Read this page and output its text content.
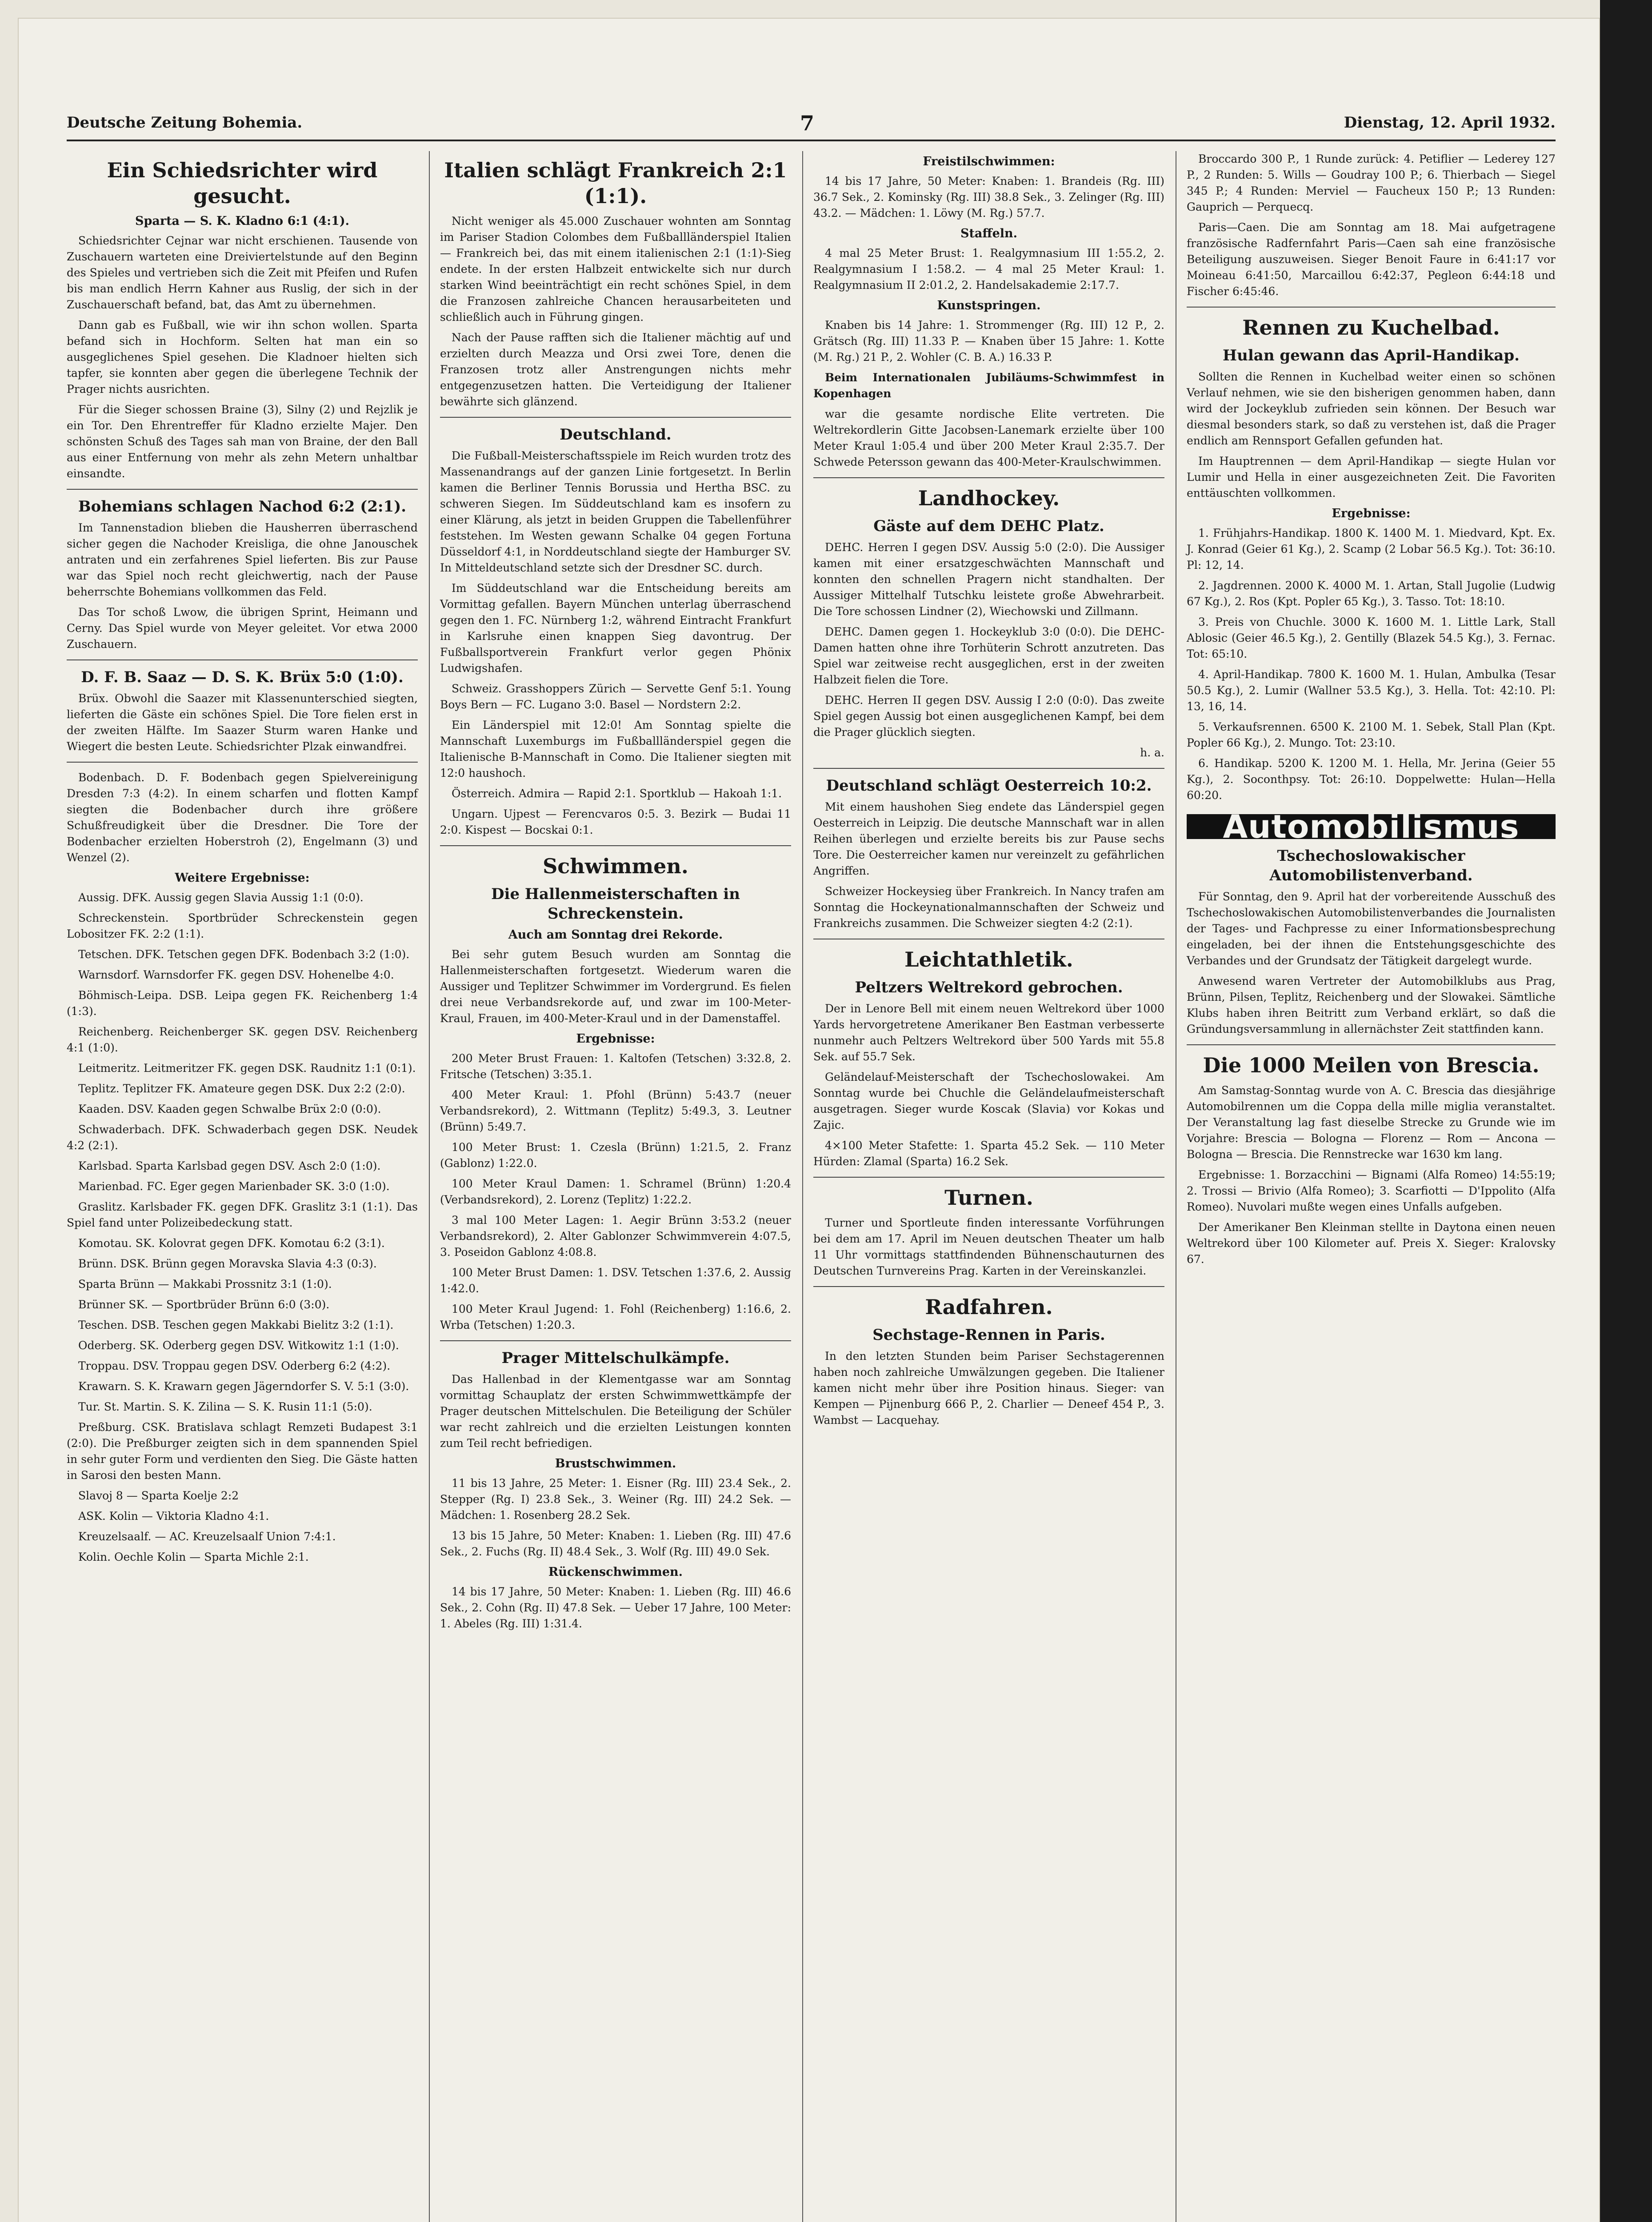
Deutsche Zeitung Bohemia.	7	Dienstag, 12. April 1932.
Ein Schiedsrichter wird gesucht.
Sparta — S. K. Kladno 6:1 (4:1).

Schiedsrichter Cejnar war nicht erschienen. Tausende von Zuschauern warteten eine Dreiviertelstunde auf den Beginn des Spieles und vertrieben sich die Zeit mit Pfeifen und Rufen bis man endlich Herrn Kahner aus Ruslig, der sich in der Zuschauerschaft befand, bat, das Amt zu übernehmen.

Dann gab es Fußball, wie wir ihn schon wollen. Sparta befand sich in Hochform. Selten hat man ein so ausgeglichenes Spiel gesehen. Die Kladnoer hielten sich tapfer, sie konnten aber gegen die überlegene Technik der Prager nichts ausrichten.

Für die Sieger schossen Braine (3), Silny (2) und Rejzlik je ein Tor. Den Ehrentreffer für Kladno erzielte Majer. Den schönsten Schuß des Tages sah man von Braine, der den Ball aus einer Entfernung von mehr als zehn Metern unhaltbar einsandte.

Bohemians schlagen Nachod 6:2 (2:1).

Im Tannenstadion blieben die Hausherren überraschend sicher gegen die Nachoder Kreisliga, die ohne Janouschek antraten und ein zerfahrenes Spiel lieferten. Bis zur Pause war das Spiel noch recht gleichwertig, nach der Pause beherrschte Bohemians vollkommen das Feld.

Das Tor schoß Lwow, die übrigen Sprint, Heimann und Cerny. Das Spiel wurde von Meyer geleitet. Vor etwa 2000 Zuschauern.

D. F. B. Saaz — D. S. K. Brüx 5:0 (1:0).

Brüx. Obwohl die Saazer mit Klassenunterschied siegten, lieferten die Gäste ein schönes Spiel. Die Tore fielen erst in der zweiten Hälfte. Im Saazer Sturm waren Hanke und Wiegert die besten Leute. Schiedsrichter Plzak einwandfrei.

Bodenbach. D. F. Bodenbach gegen Spielvereinigung Dresden 7:3 (4:2). In einem scharfen und flotten Kampf siegten die Bodenbacher durch ihre größere Schußfreudigkeit über die Dresdner. Die Tore der Bodenbacher erzielten Hoberstroh (2), Engelmann (3) und Wenzel (2).

Weitere Ergebnisse:

Aussig. DFK. Aussig gegen Slavia Aussig 1:1 (0:0).

Schreckenstein. Sportbrüder Schreckenstein gegen Lobositzer FK. 2:2 (1:1).

Tetschen. DFK. Tetschen gegen DFK. Bodenbach 3:2 (1:0).

Warnsdorf. Warnsdorfer FK. gegen DSV. Hohenelbe 4:0.

Böhmisch-Leipa. DSB. Leipa gegen FK. Reichenberg 1:4 (1:3).

Reichenberg. Reichenberger SK. gegen DSV. Reichenberg 4:1 (1:0).

Leitmeritz. Leitmeritzer FK. gegen DSK. Raudnitz 1:1 (0:1).

Teplitz. Teplitzer FK. Amateure gegen DSK. Dux 2:2 (2:0).

Kaaden. DSV. Kaaden gegen Schwalbe Brüx 2:0 (0:0).

Schwaderbach. DFK. Schwaderbach gegen DSK. Neudek 4:2 (2:1).

Karlsbad. Sparta Karlsbad gegen DSV. Asch 2:0 (1:0).

Marienbad. FC. Eger gegen Marienbader SK. 3:0 (1:0).

Graslitz. Karlsbader FK. gegen DFK. Graslitz 3:1 (1:1). Das Spiel fand unter Polizeibedeckung statt.

Komotau. SK. Kolovrat gegen DFK. Komotau 6:2 (3:1).

Brünn. DSK. Brünn gegen Moravska Slavia 4:3 (0:3).

Sparta Brünn — Makkabi Prossnitz 3:1 (1:0).

Brünner SK. — Sportbrüder Brünn 6:0 (3:0).

Teschen. DSB. Teschen gegen Makkabi Bielitz 3:2 (1:1).

Oderberg. SK. Oderberg gegen DSV. Witkowitz 1:1 (1:0).

Troppau. DSV. Troppau gegen DSV. Oderberg 6:2 (4:2).

Krawarn. S. K. Krawarn gegen Jägerndorfer S. V. 5:1 (3:0).

Tur. St. Martin. S. K. Zilina — S. K. Rusin 11:1 (5:0).

Preßburg. CSK. Bratislava schlagt Remzeti Budapest 3:1 (2:0). Die Preßburger zeigten sich in dem spannenden Spiel in sehr guter Form und verdienten den Sieg. Die Gäste hatten in Sarosi den besten Mann.

Slavoj 8 — Sparta Koelje 2:2

ASK. Kolin — Viktoria Kladno 4:1.

Kreuzelsaalf. — AC. Kreuzelsaalf Union 7:4:1.

Kolin. Oechle Kolin — Sparta Michle 2:1.

Italien schlägt Frankreich 2:1 (1:1).

Nicht weniger als 45.000 Zuschauer wohnten am Sonntag im Pariser Stadion Colombes dem Fußballländerspiel Italien — Frankreich bei, das mit einem italienischen 2:1 (1:1)-Sieg endete. In der ersten Halbzeit entwickelte sich nur durch starken Wind beeinträchtigt ein recht schönes Spiel, in dem die Franzosen zahlreiche Chancen herausarbeiteten und schließlich auch in Führung gingen.

Nach der Pause rafften sich die Italiener mächtig auf und erzielten durch Meazza und Orsi zwei Tore, denen die Franzosen trotz aller Anstrengungen nichts mehr entgegenzusetzen hatten. Die Verteidigung der Italiener bewährte sich glänzend.

Deutschland.

Die Fußball-Meisterschaftsspiele im Reich wurden trotz des Massenandrangs auf der ganzen Linie fortgesetzt. In Berlin kamen die Berliner Tennis Borussia und Hertha BSC. zu schweren Siegen. Im Süddeutschland kam es insofern zu einer Klärung, als jetzt in beiden Gruppen die Tabellenführer feststehen. Im Westen gewann Schalke 04 gegen Fortuna Düsseldorf 4:1, in Norddeutschland siegte der Hamburger SV. In Mitteldeutschland setzte sich der Dresdner SC. durch.

Im Süddeutschland war die Entscheidung bereits am Vormittag gefallen. Bayern München unterlag überraschend gegen den 1. FC. Nürnberg 1:2, während Eintracht Frankfurt in Karlsruhe einen knappen Sieg davontrug. Der Fußballsportverein Frankfurt verlor gegen Phönix Ludwigshafen.

Schweiz. Grasshoppers Zürich — Servette Genf 5:1. Young Boys Bern — FC. Lugano 3:0. Basel — Nordstern 2:2.

Ein Länderspiel mit 12:0! Am Sonntag spielte die Mannschaft Luxemburgs im Fußballländerspiel gegen die Italienische B-Mannschaft in Como. Die Italiener siegten mit 12:0 haushoch.

Österreich. Admira — Rapid 2:1. Sportklub — Hakoah 1:1.

Ungarn. Ujpest — Ferencvaros 0:5. 3. Bezirk — Budai 11 2:0. Kispest — Bocskai 0:1.

Schwimmen.
Die Hallenmeisterschaften in Schreckenstein.
Auch am Sonntag drei Rekorde.

Bei sehr gutem Besuch wurden am Sonntag die Hallenmeisterschaften fortgesetzt. Wiederum waren die Aussiger und Teplitzer Schwimmer im Vordergrund. Es fielen drei neue Verbandsrekorde auf, und zwar im 100-Meter-Kraul, Frauen, im 400-Meter-Kraul und in der Damenstaffel.

Ergebnisse:

200 Meter Brust Frauen: 1. Kaltofen (Tetschen) 3:32.8, 2. Fritsche (Tetschen) 3:35.1.

400 Meter Kraul: 1. Pfohl (Brünn) 5:43.7 (neuer Verbandsrekord), 2. Wittmann (Teplitz) 5:49.3, 3. Leutner (Brünn) 5:49.7.

100 Meter Brust: 1. Czesla (Brünn) 1:21.5, 2. Franz (Gablonz) 1:22.0.

100 Meter Kraul Damen: 1. Schramel (Brünn) 1:20.4 (Verbandsrekord), 2. Lorenz (Teplitz) 1:22.2.

3 mal 100 Meter Lagen: 1. Aegir Brünn 3:53.2 (neuer Verbandsrekord), 2. Alter Gablonzer Schwimmverein 4:07.5, 3. Poseidon Gablonz 4:08.8.

100 Meter Brust Damen: 1. DSV. Tetschen 1:37.6, 2. Aussig 1:42.0.

100 Meter Kraul Jugend: 1. Fohl (Reichenberg) 1:16.6, 2. Wrba (Tetschen) 1:20.3.

Prager Mittelschulkämpfe.

Das Hallenbad in der Klementgasse war am Sonntag vormittag Schauplatz der ersten Schwimmwettkämpfe der Prager deutschen Mittelschulen. Die Beteiligung der Schüler war recht zahlreich und die erzielten Leistungen konnten zum Teil recht befriedigen.

Brustschwimmen.

11 bis 13 Jahre, 25 Meter: 1. Eisner (Rg. III) 23.4 Sek., 2. Stepper (Rg. I) 23.8 Sek., 3. Weiner (Rg. III) 24.2 Sek. — Mädchen: 1. Rosenberg 28.2 Sek.

13 bis 15 Jahre, 50 Meter: Knaben: 1. Lieben (Rg. III) 47.6 Sek., 2. Fuchs (Rg. II) 48.4 Sek., 3. Wolf (Rg. III) 49.0 Sek.

Rückenschwimmen.

14 bis 17 Jahre, 50 Meter: Knaben: 1. Lieben (Rg. III) 46.6 Sek., 2. Cohn (Rg. II) 47.8 Sek. — Ueber 17 Jahre, 100 Meter: 1. Abeles (Rg. III) 1:31.4.

Freistilschwimmen:

14 bis 17 Jahre, 50 Meter: Knaben: 1. Brandeis (Rg. III) 36.7 Sek., 2. Kominsky (Rg. III) 38.8 Sek., 3. Zelinger (Rg. III) 43.2. — Mädchen: 1. Löwy (M. Rg.) 57.7.

Staffeln.

4 mal 25 Meter Brust: 1. Realgymnasium III 1:55.2, 2. Realgymnasium I 1:58.2. — 4 mal 25 Meter Kraul: 1. Realgymnasium II 2:01.2, 2. Handelsakademie 2:17.7.

Kunstspringen.

Knaben bis 14 Jahre: 1. Strommenger (Rg. III) 12 P., 2. Grätsch (Rg. III) 11.33 P. — Knaben über 15 Jahre: 1. Kotte (M. Rg.) 21 P., 2. Wohler (C. B. A.) 16.33 P.

Beim Internationalen Jubiläums-Schwimmfest in Kopenhagen

war die gesamte nordische Elite vertreten. Die Weltrekordlerin Gitte Jacobsen-Lanemark erzielte über 100 Meter Kraul 1:05.4 und über 200 Meter Kraul 2:35.7. Der Schwede Petersson gewann das 400-Meter-Kraulschwimmen.

Landhockey.
Gäste auf dem DEHC Platz.

DEHC. Herren I gegen DSV. Aussig 5:0 (2:0). Die Aussiger kamen mit einer ersatzgeschwächten Mannschaft und konnten den schnellen Pragern nicht standhalten. Der Aussiger Mittelhalf Tutschku leistete große Abwehrarbeit. Die Tore schossen Lindner (2), Wiechowski und Zillmann.

DEHC. Damen gegen 1. Hockeyklub 3:0 (0:0). Die DEHC-Damen hatten ohne ihre Torhüterin Schrott anzutreten. Das Spiel war zeitweise recht ausgeglichen, erst in der zweiten Halbzeit fielen die Tore.

DEHC. Herren II gegen DSV. Aussig I 2:0 (0:0). Das zweite Spiel gegen Aussig bot einen ausgeglichenen Kampf, bei dem die Prager glücklich siegten.

h. a.
Deutschland schlägt Oesterreich 10:2.

Mit einem haushohen Sieg endete das Länderspiel gegen Oesterreich in Leipzig. Die deutsche Mannschaft war in allen Reihen überlegen und erzielte bereits bis zur Pause sechs Tore. Die Oesterreicher kamen nur vereinzelt zu gefährlichen Angriffen.

Schweizer Hockeysieg über Frankreich. In Nancy trafen am Sonntag die Hockeynationalmannschaften der Schweiz und Frankreichs zusammen. Die Schweizer siegten 4:2 (2:1).

Leichtathletik.
Peltzers Weltrekord gebrochen.

Der in Lenore Bell mit einem neuen Weltrekord über 1000 Yards hervorgetretene Amerikaner Ben Eastman verbesserte nunmehr auch Peltzers Weltrekord über 500 Yards mit 55.8 Sek. auf 55.7 Sek.

Geländelauf-Meisterschaft der Tschechoslowakei. Am Sonntag wurde bei Chuchle die Geländelaufmeisterschaft ausgetragen. Sieger wurde Koscak (Slavia) vor Kokas und Zajic.

4×100 Meter Stafette: 1. Sparta 45.2 Sek. — 110 Meter Hürden: Zlamal (Sparta) 16.2 Sek.

Turnen.

Turner und Sportleute finden interessante Vorführungen bei dem am 17. April im Neuen deutschen Theater um halb 11 Uhr vormittags stattfindenden Bühnenschauturnen des Deutschen Turnvereins Prag. Karten in der Vereinskanzlei.

Radfahren.
Sechstage-Rennen in Paris.

In den letzten Stunden beim Pariser Sechstagerennen haben noch zahlreiche Umwälzungen gegeben. Die Italiener kamen nicht mehr über ihre Position hinaus. Sieger: van Kempen — Pijnenburg 666 P., 2. Charlier — Deneef 454 P., 3. Wambst — Lacquehay.

Broccardo 300 P., 1 Runde zurück: 4. Petiflier — Lederey 127 P., 2 Runden: 5. Wills — Goudray 100 P.; 6. Thierbach — Siegel 345 P.; 4 Runden: Merviel — Faucheux 150 P.; 13 Runden: Gauprich — Perquecq.

Paris—Caen. Die am Sonntag am 18. Mai aufgetragene französische Radfernfahrt Paris—Caen sah eine französische Beteiligung auszuweisen. Sieger Benoit Faure in 6:41:17 vor Moineau 6:41:50, Marcaillou 6:42:37, Pegleon 6:44:18 und Fischer 6:45:46.

Rennen zu Kuchelbad.
Hulan gewann das April-Handikap.

Sollten die Rennen in Kuchelbad weiter einen so schönen Verlauf nehmen, wie sie den bisherigen genommen haben, dann wird der Jockeyklub zufrieden sein können. Der Besuch war diesmal besonders stark, so daß zu verstehen ist, daß die Prager endlich am Rennsport Gefallen gefunden hat.

Im Hauptrennen — dem April-Handikap — siegte Hulan vor Lumir und Hella in einer ausgezeichneten Zeit. Die Favoriten enttäuschten vollkommen.

Ergebnisse:

1. Frühjahrs-Handikap. 1800 K. 1400 M. 1. Miedvard, Kpt. Ex. J. Konrad (Geier 61 Kg.), 2. Scamp (2 Lobar 56.5 Kg.). Tot: 36:10. Pl: 12, 14.

2. Jagdrennen. 2000 K. 4000 M. 1. Artan, Stall Jugolie (Ludwig 67 Kg.), 2. Ros (Kpt. Popler 65 Kg.), 3. Tasso. Tot: 18:10.

3. Preis von Chuchle. 3000 K. 1600 M. 1. Little Lark, Stall Ablosic (Geier 46.5 Kg.), 2. Gentilly (Blazek 54.5 Kg.), 3. Fernac. Tot: 65:10.

4. April-Handikap. 7800 K. 1600 M. 1. Hulan, Ambulka (Tesar 50.5 Kg.), 2. Lumir (Wallner 53.5 Kg.), 3. Hella. Tot: 42:10. Pl: 13, 16, 14.

5. Verkaufsrennen. 6500 K. 2100 M. 1. Sebek, Stall Plan (Kpt. Popler 66 Kg.), 2. Mungo. Tot: 23:10.

6. Handikap. 5200 K. 1200 M. 1. Hella, Mr. Jerina (Geier 55 Kg.), 2. Soconthpsy. Tot: 26:10. Doppelwette: Hulan—Hella 60:20.

Automobilismus
Tschechoslowakischer Automobilistenverband.

Für Sonntag, den 9. April hat der vorbereitende Ausschuß des Tschechoslowakischen Automobilistenverbandes die Journalisten der Tages- und Fachpresse zu einer Informationsbesprechung eingeladen, bei der ihnen die Entstehungsgeschichte des Verbandes und der Grundsatz der Tätigkeit dargelegt wurde.

Anwesend waren Vertreter der Automobilklubs aus Prag, Brünn, Pilsen, Teplitz, Reichenberg und der Slowakei. Sämtliche Klubs haben ihren Beitritt zum Verband erklärt, so daß die Gründungsversammlung in allernächster Zeit stattfinden kann.

Die 1000 Meilen von Brescia.

Am Samstag-Sonntag wurde von A. C. Brescia das diesjährige Automobilrennen um die Coppa della mille miglia veranstaltet. Der Veranstaltung lag fast dieselbe Strecke zu Grunde wie im Vorjahre: Brescia — Bologna — Florenz — Rom — Ancona — Bologna — Brescia. Die Rennstrecke war 1630 km lang.

Ergebnisse: 1. Borzacchini — Bignami (Alfa Romeo) 14:55:19; 2. Trossi — Brivio (Alfa Romeo); 3. Scarfiotti — D'Ippolito (Alfa Romeo). Nuvolari mußte wegen eines Unfalls aufgeben.

Der Amerikaner Ben Kleinman stellte in Daytona einen neuen Weltrekord über 100 Kilometer auf. Preis X. Sieger: Kralovsky 67.
